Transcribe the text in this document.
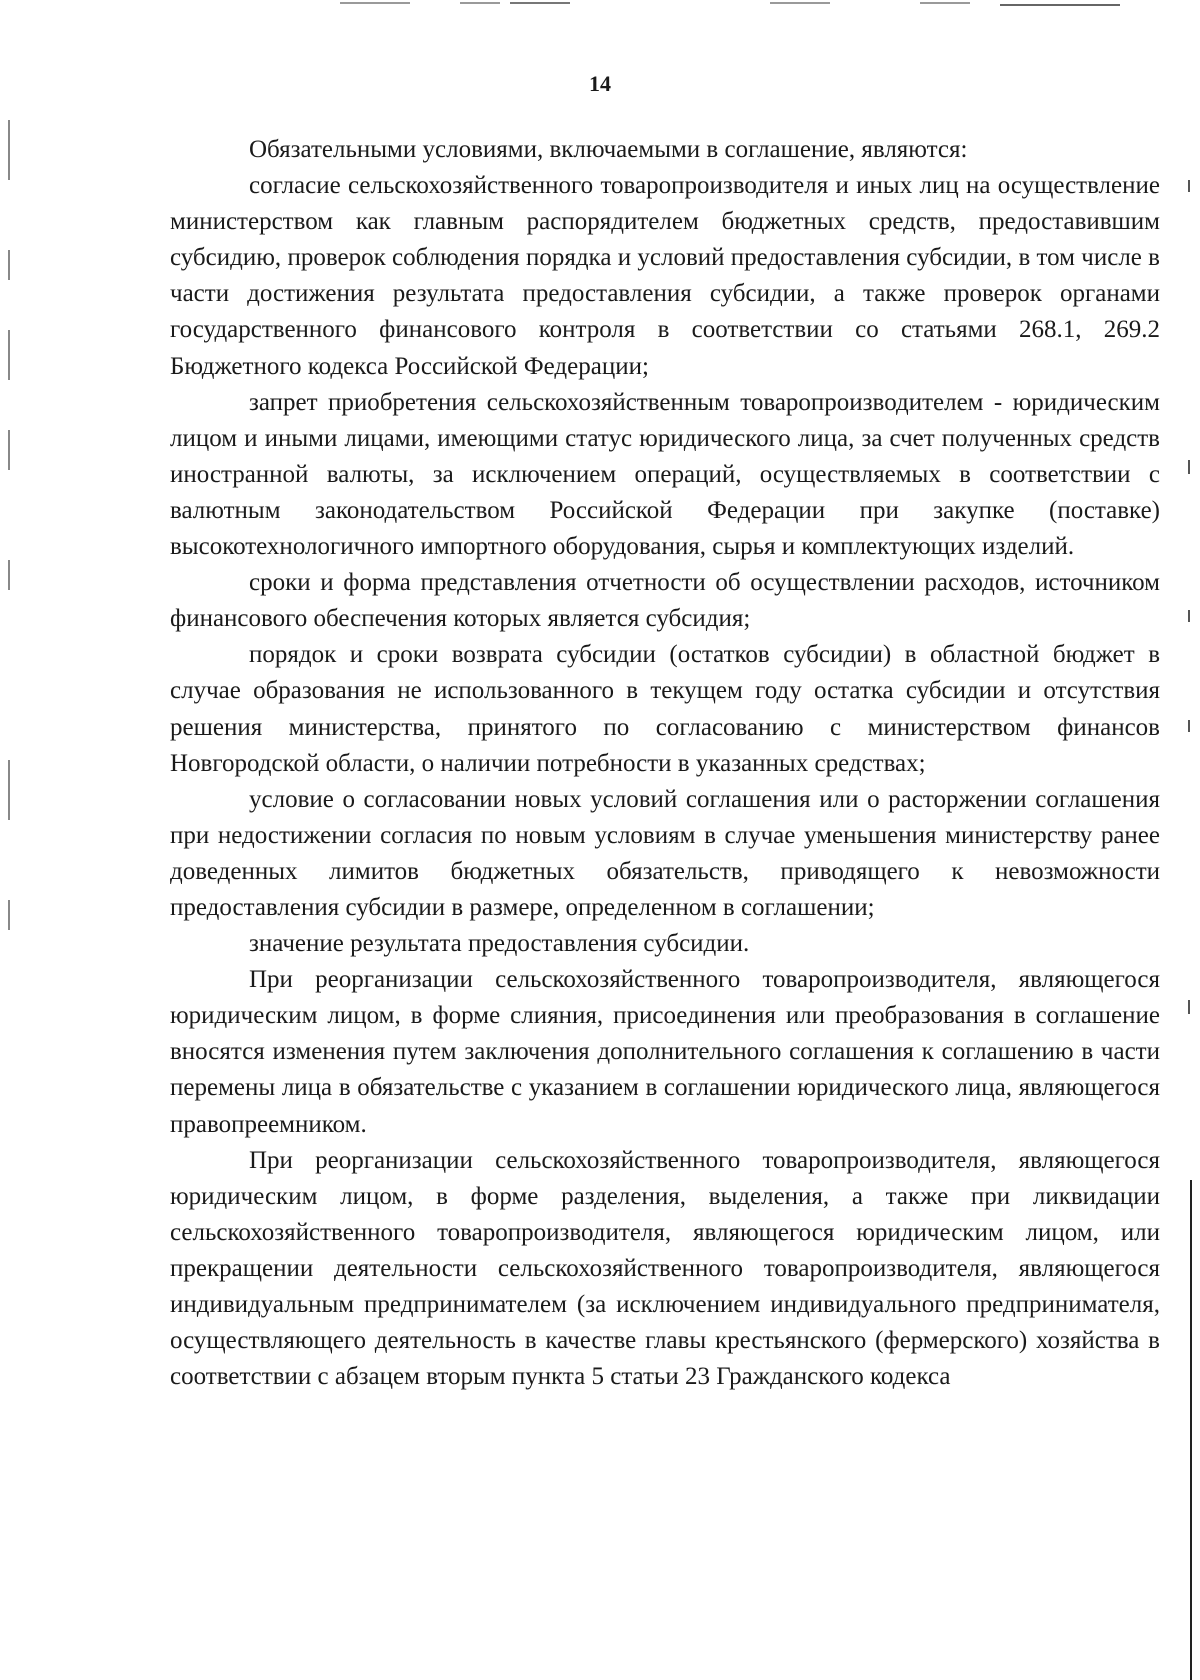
14

Обязательными условиями, включаемыми в соглашение, являются:

согласие сельскохозяйственного товаропроизводителя и иных лиц на осуществление министерством как главным распорядителем бюджетных средств, предоставившим субсидию, проверок соблюдения порядка и условий предоставления субсидии, в том числе в части достижения результата предоставления субсидии, а также проверок органами государственного финансового контроля в соответствии со статьями 268.1, 269.2 Бюджетного кодекса Российской Федерации;

запрет приобретения сельскохозяйственным товаропроизводителем - юридическим лицом и иными лицами, имеющими статус юридического лица, за счет полученных средств иностранной валюты, за исключением операций, осуществляемых в соответствии с валютным законодательством Российской Федерации при закупке (поставке) высокотехнологичного импортного оборудования, сырья и комплектующих изделий.

сроки и форма представления отчетности об осуществлении расходов, источником финансового обеспечения которых является субсидия;

порядок и сроки возврата субсидии (остатков субсидии) в областной бюджет в случае образования не использованного в текущем году остатка субсидии и отсутствия решения министерства, принятого по согласованию с министерством финансов Новгородской области, о наличии потребности в указанных средствах;

условие о согласовании новых условий соглашения или о расторжении соглашения при недостижении согласия по новым условиям в случае уменьшения министерству ранее доведенных лимитов бюджетных обязательств, приводящего к невозможности предоставления субсидии в размере, определенном в соглашении;

значение результата предоставления субсидии.

При реорганизации сельскохозяйственного товаропроизводителя, являющегося юридическим лицом, в форме слияния, присоединения или преобразования в соглашение вносятся изменения путем заключения дополнительного соглашения к соглашению в части перемены лица в обязательстве с указанием в соглашении юридического лица, являющегося правопреемником.

При реорганизации сельскохозяйственного товаропроизводителя, являющегося юридическим лицом, в форме разделения, выделения, а также при ликвидации сельскохозяйственного товаропроизводителя, являющегося юридическим лицом, или прекращении деятельности сельскохозяйственного товаропроизводителя, являющегося индивидуальным предпринимателем (за исключением индивидуального предпринимателя, осуществляющего деятельность в качестве главы крестьянского (фермерского) хозяйства в соответствии с абзацем вторым пункта 5 статьи 23 Гражданского кодекса
